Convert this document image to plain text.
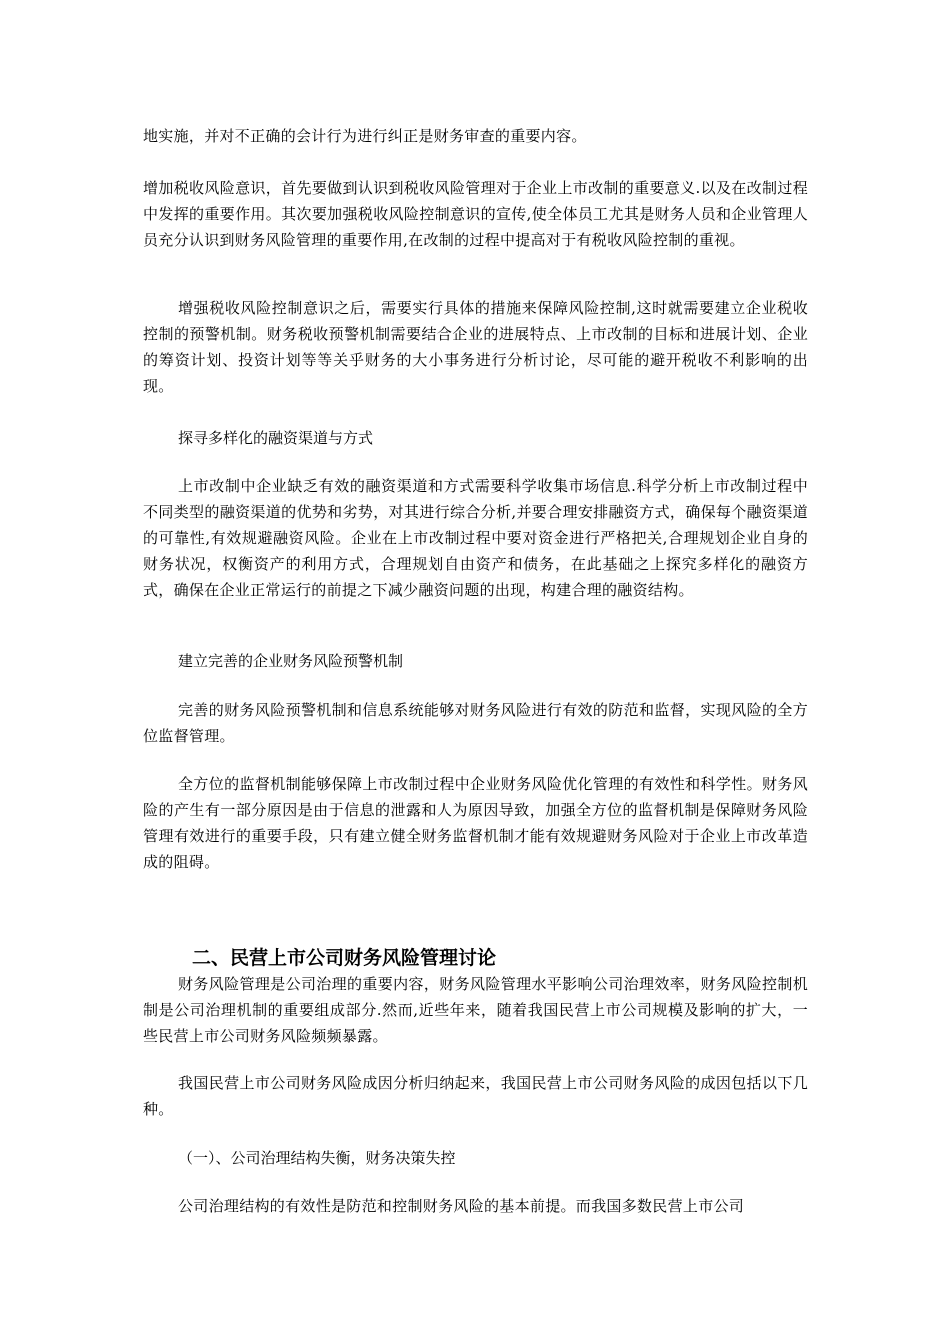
地实施，并对不正确的会计行为进行纠正是财务审查的重要内容。

增加税收风险意识，首先要做到认识到税收风险管理对于企业上市改制的重要意义.以及在改制过程中发挥的重要作用。其次要加强税收风险控制意识的宣传,使全体员工尤其是财务人员和企业管理人员充分认识到财务风险管理的重要作用,在改制的过程中提高对于有税收风险控制的重视。

增强税收风险控制意识之后，需要实行具体的措施来保障风险控制,这时就需要建立企业税收控制的预警机制。财务税收预警机制需要结合企业的进展特点、上市改制的目标和进展计划、企业的筹资计划、投资计划等等关乎财务的大小事务进行分析讨论，尽可能的避开税收不利影响的出现。

探寻多样化的融资渠道与方式

上市改制中企业缺乏有效的融资渠道和方式需要科学收集市场信息.科学分析上市改制过程中不同类型的融资渠道的优势和劣势，对其进行综合分析,并要合理安排融资方式，确保每个融资渠道的可靠性,有效规避融资风险。企业在上市改制过程中要对资金进行严格把关,合理规划企业自身的财务状况，权衡资产的利用方式，合理规划自由资产和债务，在此基础之上探究多样化的融资方式，确保在企业正常运行的前提之下减少融资问题的出现，构建合理的融资结构。

建立完善的企业财务风险预警机制

完善的财务风险预警机制和信息系统能够对财务风险进行有效的防范和监督，实现风险的全方位监督管理。

全方位的监督机制能够保障上市改制过程中企业财务风险优化管理的有效性和科学性。财务风险的产生有一部分原因是由于信息的泄露和人为原因导致，加强全方位的监督机制是保障财务风险管理有效进行的重要手段，只有建立健全财务监督机制才能有效规避财务风险对于企业上市改革造成的阻碍。

二、民营上市公司财务风险管理讨论

财务风险管理是公司治理的重要内容，财务风险管理水平影响公司治理效率，财务风险控制机制是公司治理机制的重要组成部分.然而,近些年来，随着我国民营上市公司规模及影响的扩大，一些民营上市公司财务风险频频暴露。

我国民营上市公司财务风险成因分析归纳起来，我国民营上市公司财务风险的成因包括以下几种。

（一）、公司治理结构失衡，财务决策失控

公司治理结构的有效性是防范和控制财务风险的基本前提。而我国多数民营上市公司
